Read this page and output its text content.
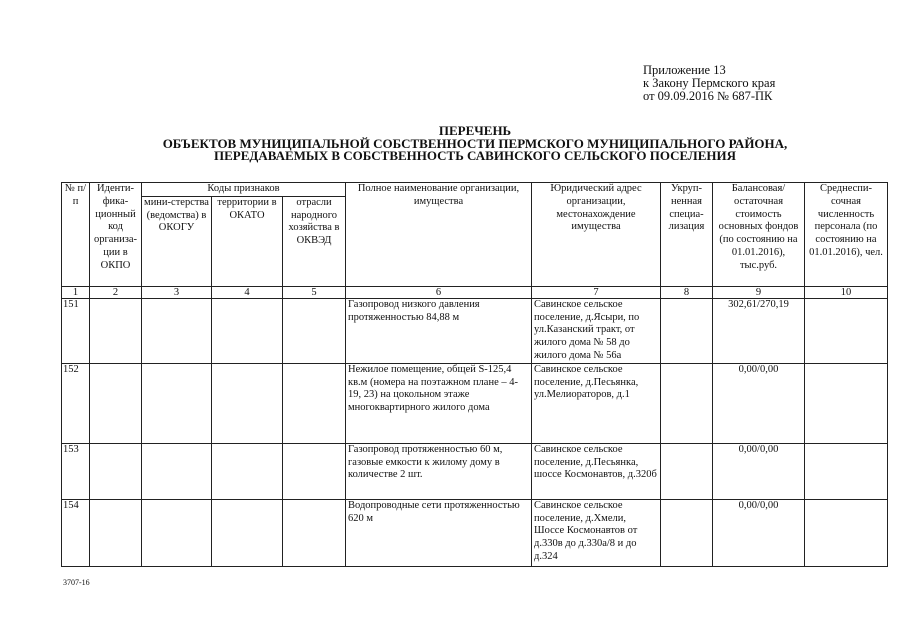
Приложение 13
к Закону Пермского края
от 09.09.2016 № 687-ПК
ПЕРЕЧЕНЬ
ОБЪЕКТОВ МУНИЦИПАЛЬНОЙ СОБСТВЕННОСТИ ПЕРМСКОГО МУНИЦИПАЛЬНОГО РАЙОНА,
ПЕРЕДАВАЕМЫХ В СОБСТВЕННОСТЬ САВИНСКОГО СЕЛЬСКОГО ПОСЕЛЕНИЯ
№ п/п	Иденти-фика-ционный код организа-ции в ОКПО	Коды признаков			Полное наименование организации, имущества	Юридический адрес организации, местонахождение имущества	Укруп-ненная специа-лизация	Балансовая/ остаточная стоимость основных фондов (по состоянию на 01.01.2016), тыс.руб.	Среднеспи-сочная численность персонала (по состоянию на 01.01.2016), чел.
		мини-стерства (ведомства) в ОКОГУ	территории в ОКАТО	отрасли народного хозяйства в ОКВЭД					
1	2	3	4	5	6	7	8	9	10
151					Газопровод низкого давления протяженностью 84,88 м	Савинское сельское поселение, д.Ясыри, по ул.Казанский тракт, от жилого дома № 58 до жилого дома № 56а		302,61/270,19	
152					Нежилое помещение, общей S-125,4 кв.м (номера на поэтажном плане – 4-19, 23) на цокольном этаже многоквартирного жилого дома	Савинское сельское поселение, д.Песьянка, ул.Мелиораторов, д.1		0,00/0,00	
153					Газопровод протяженностью 60 м, газовые емкости к жилому дому в количестве 2 шт.	Савинское сельское поселение, д.Песьянка, шоссе Космонавтов, д.320б		0,00/0,00	
154					Водопроводные сети протяженностью 620 м	Савинское сельское поселение, д.Хмели, Шоссе Космонавтов от д.330в до д.330а/8 и до д.324		0,00/0,00	
3707-16
